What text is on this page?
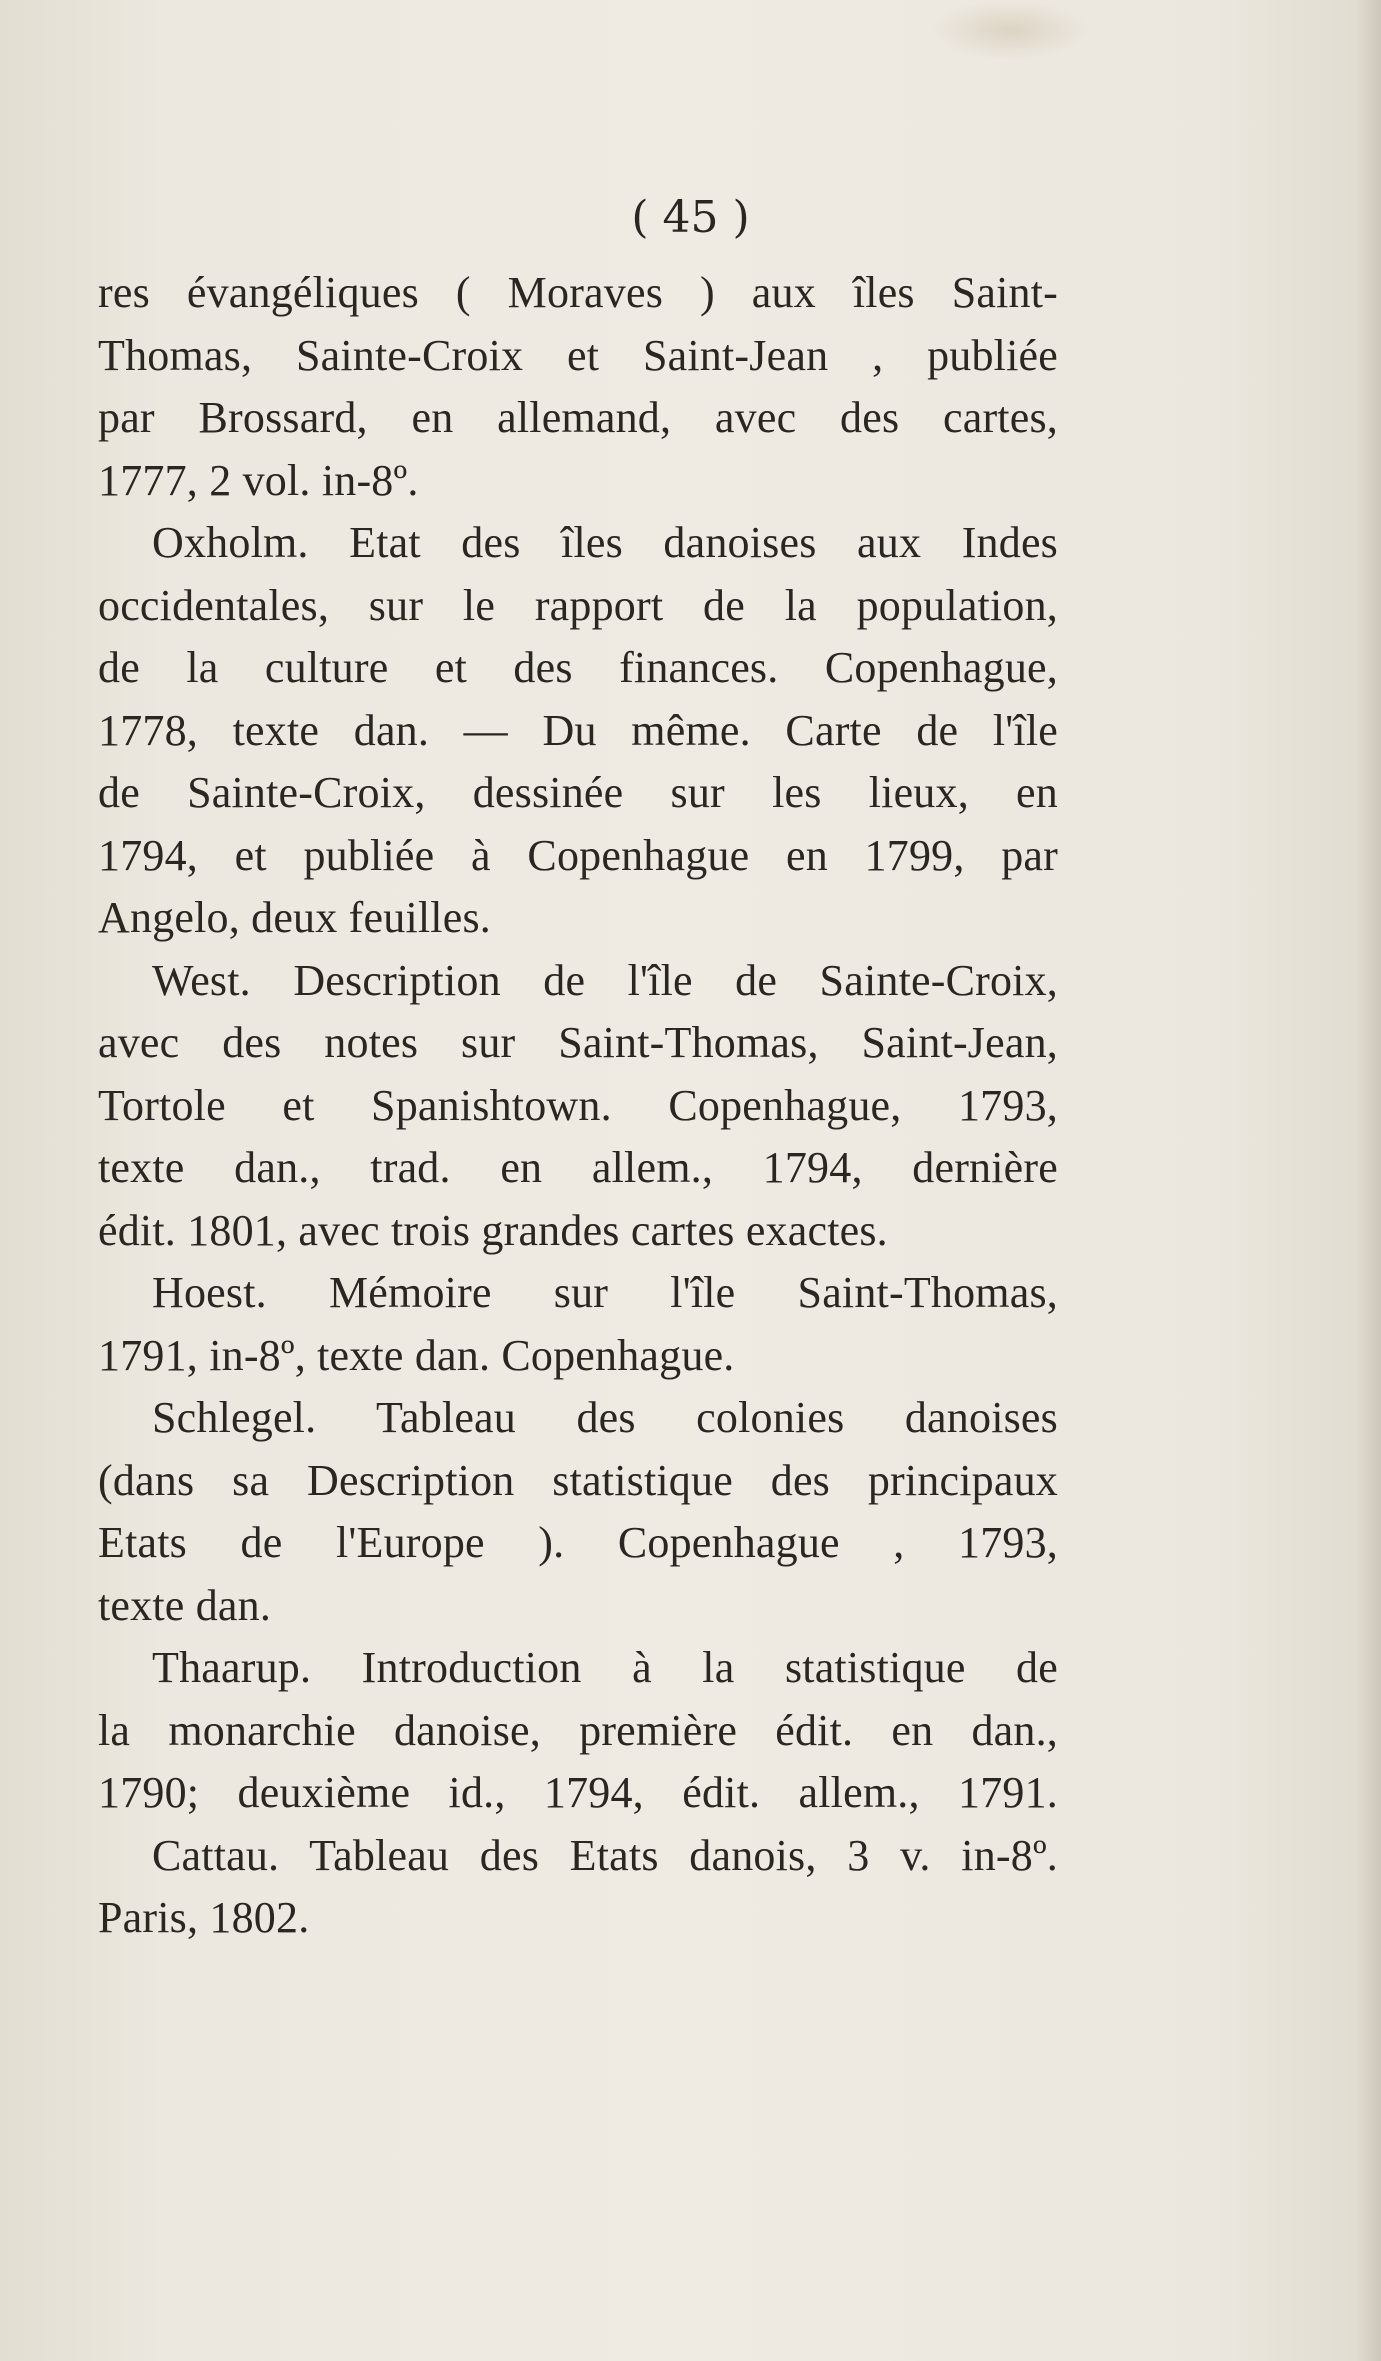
( 45 )
res évangéliques ( Moraves ) aux îles Saint-
Thomas, Sainte-Croix et Saint-Jean , publiée
par Brossard, en allemand, avec des cartes,
1777, 2 vol. in-8º.
Oxholm. Etat des îles danoises aux Indes
occidentales, sur le rapport de la population,
de la culture et des finances. Copenhague,
1778, texte dan. — Du même. Carte de l'île
de Sainte-Croix, dessinée sur les lieux, en
1794, et publiée à Copenhague en 1799, par
Angelo, deux feuilles.
West. Description de l'île de Sainte-Croix,
avec des notes sur Saint-Thomas, Saint-Jean,
Tortole et Spanishtown. Copenhague, 1793,
texte dan., trad. en allem., 1794, dernière
édit. 1801, avec trois grandes cartes exactes.
Hoest. Mémoire sur l'île Saint-Thomas,
1791, in-8º, texte dan. Copenhague.
Schlegel. Tableau des colonies danoises
(dans sa Description statistique des principaux
Etats de l'Europe ). Copenhague , 1793,
texte dan.
Thaarup. Introduction à la statistique de
la monarchie danoise, première édit. en dan.,
1790; deuxième id., 1794, édit. allem., 1791.
Cattau. Tableau des Etats danois, 3 v. in-8º.
Paris, 1802.
